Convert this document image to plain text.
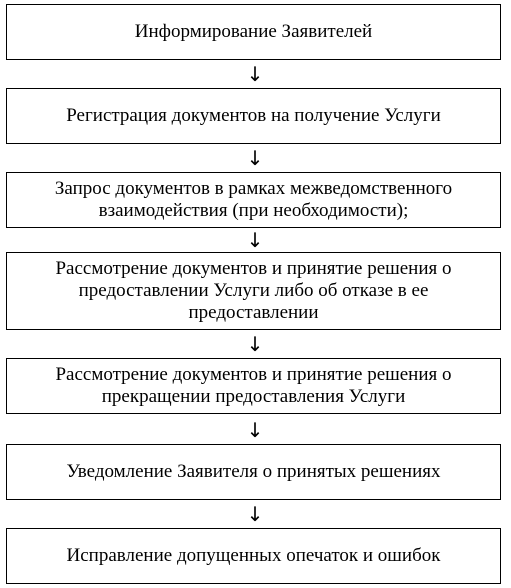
Информирование Заявителей
↓
Регистрация документов на получение Услуги
↓
Запрос документов в рамках межведомственного взаимодействия (при необходимости);
↓
Рассмотрение документов и принятие решения о предоставлении Услуги либо об отказе в ее предоставлении
↓
Рассмотрение документов и принятие решения о прекращении предоставления Услуги
↓
Уведомление Заявителя о принятых решениях
↓
Исправление допущенных опечаток и ошибок
